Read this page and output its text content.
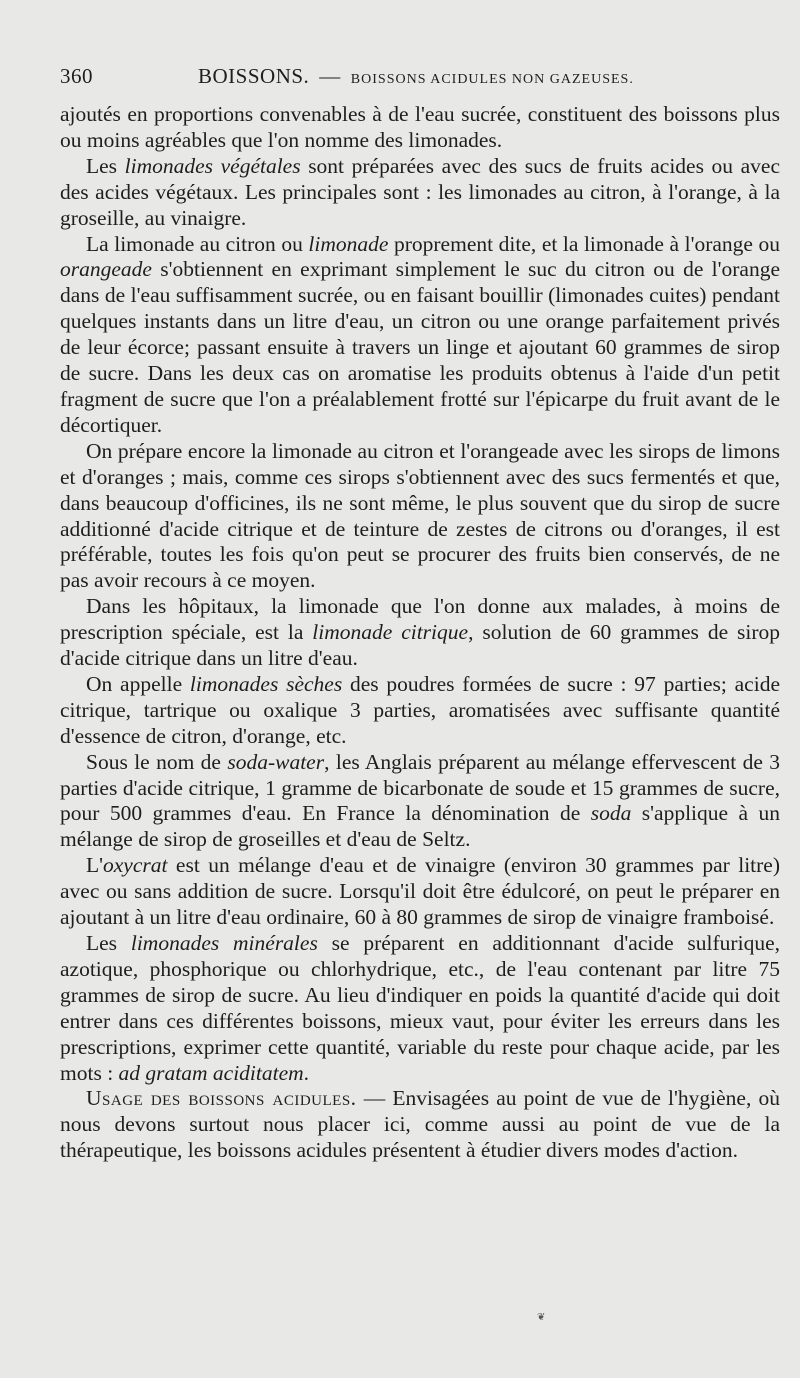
360	BOISSONS. — BOISSONS ACIDULES NON GAZEUSES.

ajoutés en proportions convenables à de l'eau sucrée, constituent des boissons plus ou moins agréables que l'on nomme des limonades.

Les limonades végétales sont préparées avec des sucs de fruits acides ou avec des acides végétaux. Les principales sont : les limonades au citron, à l'orange, à la groseille, au vinaigre.

La limonade au citron ou limonade proprement dite, et la limonade à l'orange ou orangeade s'obtiennent en exprimant simplement le suc du citron ou de l'orange dans de l'eau suffisamment sucrée, ou en faisant bouillir (limonades cuites) pendant quelques instants dans un litre d'eau, un citron ou une orange parfaitement privés de leur écorce; passant ensuite à travers un linge et ajoutant 60 grammes de sirop de sucre. Dans les deux cas on aromatise les produits obtenus à l'aide d'un petit fragment de sucre que l'on a préalablement frotté sur l'épicarpe du fruit avant de le décortiquer.

On prépare encore la limonade au citron et l'orangeade avec les sirops de limons et d'oranges ; mais, comme ces sirops s'obtiennent avec des sucs fermentés et que, dans beaucoup d'officines, ils ne sont même, le plus souvent que du sirop de sucre additionné d'acide citrique et de teinture de zestes de citrons ou d'oranges, il est préférable, toutes les fois qu'on peut se procurer des fruits bien conservés, de ne pas avoir recours à ce moyen.

Dans les hôpitaux, la limonade que l'on donne aux malades, à moins de prescription spéciale, est la limonade citrique, solution de 60 grammes de sirop d'acide citrique dans un litre d'eau.

On appelle limonades sèches des poudres formées de sucre : 97 parties; acide citrique, tartrique ou oxalique 3 parties, aromatisées avec suffisante quantité d'essence de citron, d'orange, etc.

Sous le nom de soda-water, les Anglais préparent au mélange effervescent de 3 parties d'acide citrique, 1 gramme de bicarbonate de soude et 15 grammes de sucre, pour 500 grammes d'eau. En France la dénomination de soda s'applique à un mélange de sirop de groseilles et d'eau de Seltz.

L'oxycrat est un mélange d'eau et de vinaigre (environ 30 grammes par litre) avec ou sans addition de sucre. Lorsqu'il doit être édulcoré, on peut le préparer en ajoutant à un litre d'eau ordinaire, 60 à 80 grammes de sirop de vinaigre framboisé.

Les limonades minérales se préparent en additionnant d'acide sulfurique, azotique, phosphorique ou chlorhydrique, etc., de l'eau contenant par litre 75 grammes de sirop de sucre. Au lieu d'indiquer en poids la quantité d'acide qui doit entrer dans ces différentes boissons, mieux vaut, pour éviter les erreurs dans les prescriptions, exprimer cette quantité, variable du reste pour chaque acide, par les mots : ad gratam aciditatem.

Usage des boissons acidules. — Envisagées au point de vue de l'hygiène, où nous devons surtout nous placer ici, comme aussi au point de vue de la thérapeutique, les boissons acidules présentent à étudier divers modes d'action.

❦
